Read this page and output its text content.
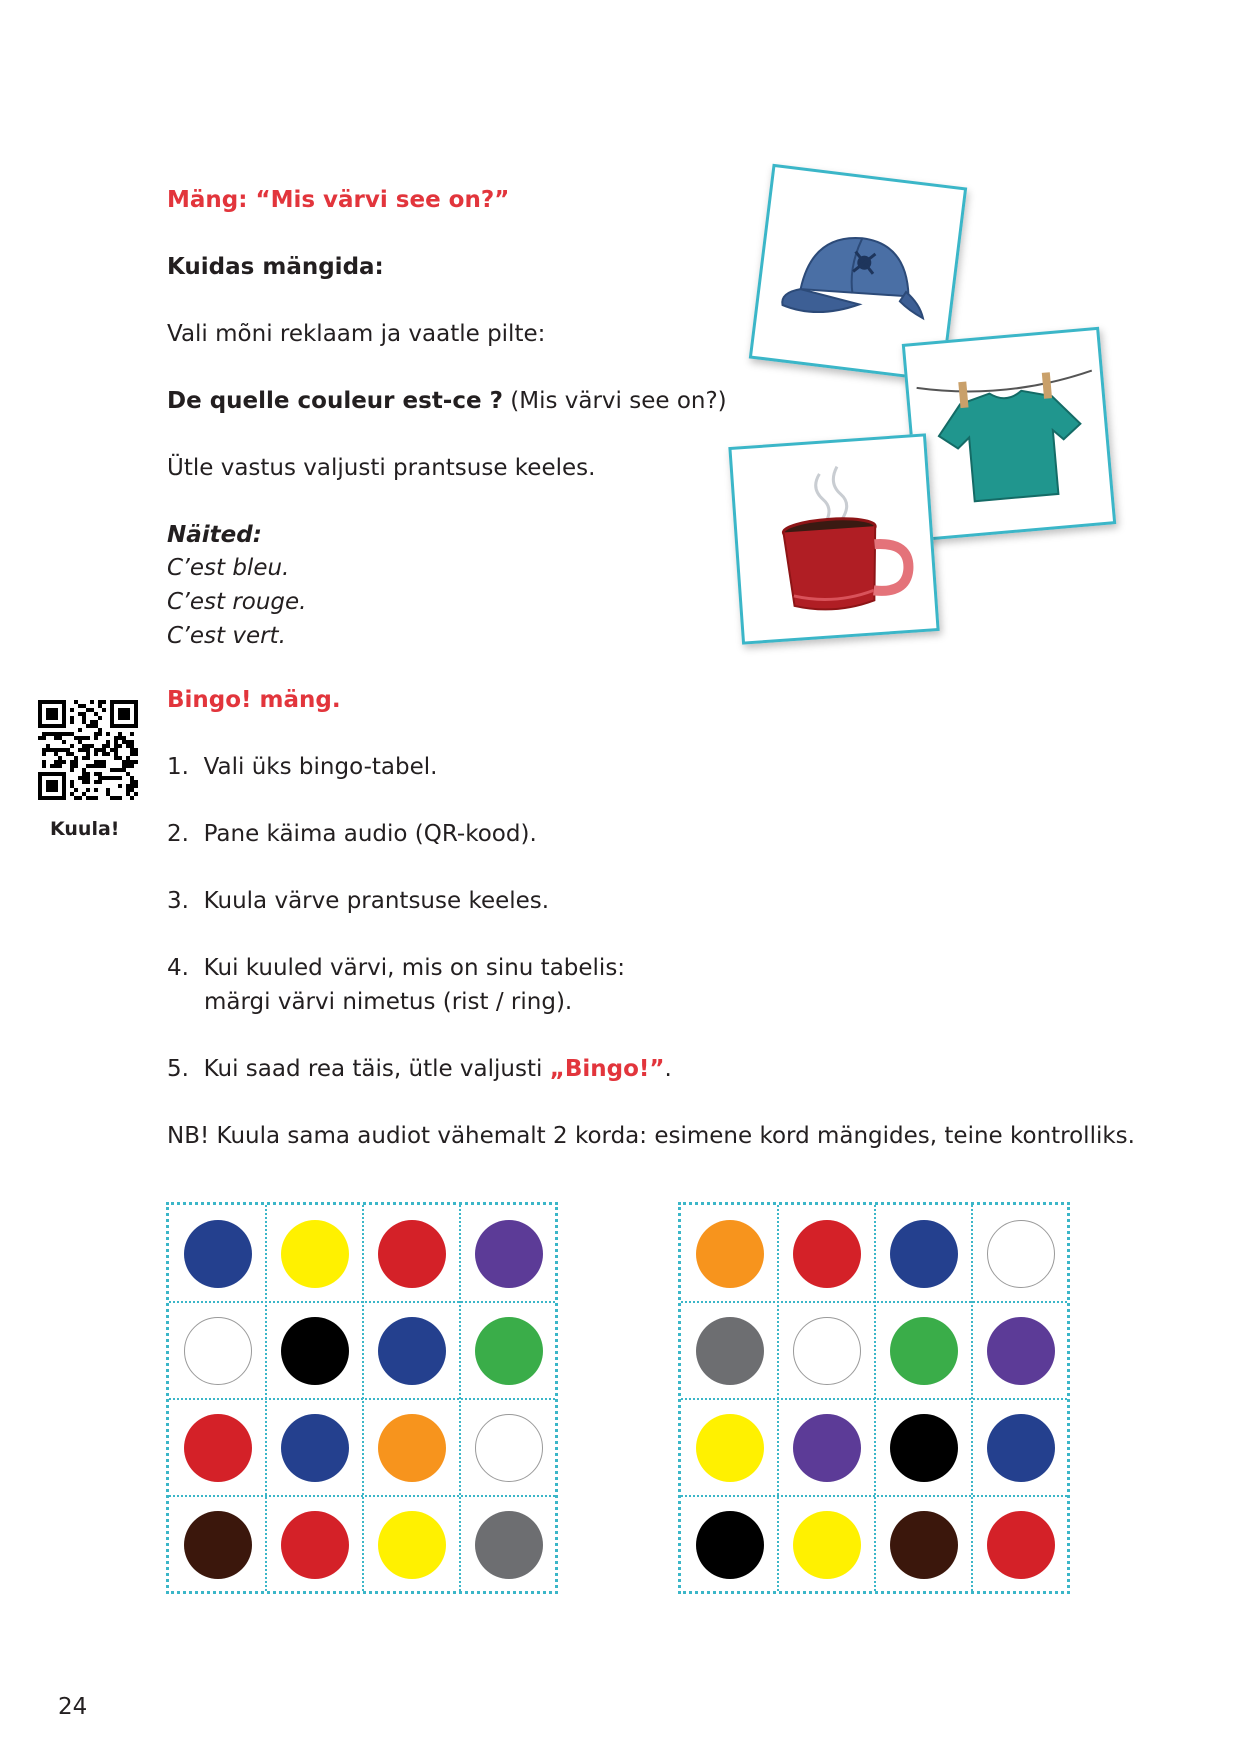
Mäng: “Mis värvi see on?”
Kuidas mängida:
Vali mõni reklaam ja vaatle pilte:
De quelle couleur est-ce ? (Mis värvi see on?)
Ütle vastus valjusti prantsuse keeles.
Näited:
C’est bleu.
C’est rouge.
C’est vert.
Kuula!
Bingo! mäng.
1. Vali üks bingo-tabel.
2. Pane käima audio (QR-kood).
3. Kuula värve prantsuse keeles.
4. Kui kuuled värvi, mis on sinu tabelis:
märgi värvi nimetus (rist / ring).
5. Kui saad rea täis, ütle valjusti „Bingo!”.
NB! Kuula sama audiot vähemalt 2 korda: esimene kord mängides, teine kontrolliks.
24
